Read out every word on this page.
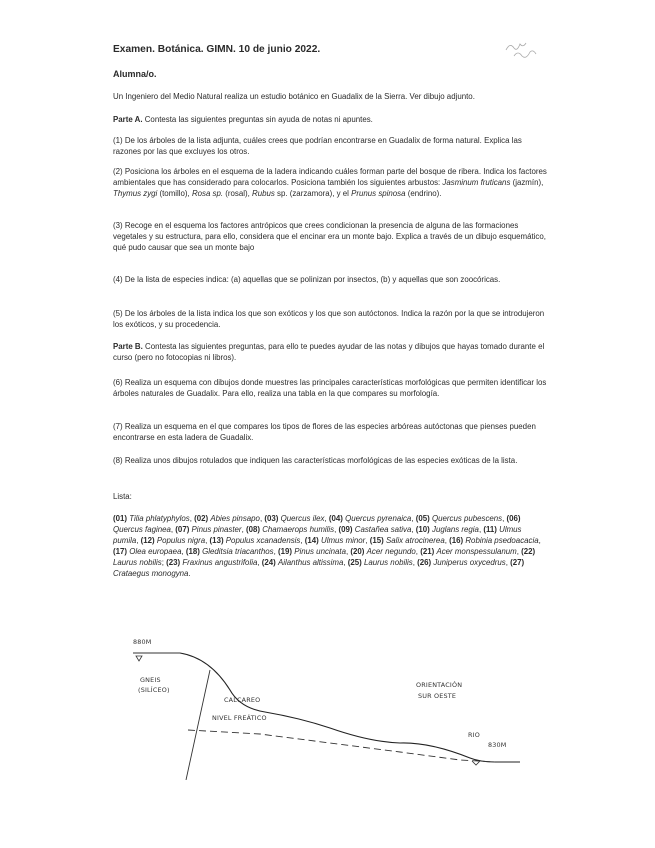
Examen. Botánica. GIMN. 10 de junio 2022.
Alumna/o.
Un Ingeniero del Medio Natural realiza un estudio botánico en Guadalix de la Sierra. Ver dibujo adjunto.
Parte A. Contesta las siguientes preguntas sin ayuda de notas ni apuntes.
(1) De los árboles de la lista adjunta, cuáles crees que podrían encontrarse en Guadalix de forma natural. Explica las razones por las que excluyes los otros.
(2) Posiciona los árboles en el esquema de la ladera indicando cuáles forman parte del bosque de ribera. Indica los factores ambientales que has considerado para colocarlos. Posiciona también los siguientes arbustos: Jasminum fruticans (jazmín), Thymus zygi (tomillo), Rosa sp. (rosal), Rubus sp. (zarzamora), y el Prunus spinosa (endrino).
(3) Recoge en el esquema los factores antrópicos que crees condicionan la presencia de alguna de las formaciones vegetales y su estructura, para ello, considera que el encinar era un monte bajo. Explica a través de un dibujo esquemático, qué pudo causar que sea un monte bajo
(4) De la lista de especies indica: (a) aquellas que se polinizan por insectos, (b) y aquellas que son zoocóricas.
(5) De los árboles de la lista indica los que son exóticos y los que son autóctonos. Indica la razón por la que se introdujeron los exóticos, y su procedencia.
Parte B. Contesta las siguientes preguntas, para ello te puedes ayudar de las notas y dibujos que hayas tomado durante el curso (pero no fotocopias ni libros).
(6) Realiza un esquema con dibujos donde muestres las principales características morfológicas que permiten identificar los árboles naturales de Guadalix. Para ello, realiza una tabla en la que compares su morfología.
(7) Realiza un esquema en el que compares los tipos de flores de las especies arbóreas autóctonas que pienses pueden encontrarse en esta ladera de Guadalix.
(8) Realiza unos dibujos rotulados que indiquen las características morfológicas de las especies exóticas de la lista.
Lista:
(01) Tilia phlatyphylos, (02) Abies pinsapo, (03) Quercus ilex, (04) Quercus pyrenaica, (05) Quercus pubescens, (06) Quercus faginea, (07) Pinus pinaster, (08) Chamaerops humilis, (09) Castañea sativa, (10) Juglans regia, (11) Ulmus pumila, (12) Populus nigra, (13) Populus xcanadensis, (14) Ulmus minor, (15) Salix atrocinerea, (16) Robinia psedoacacia, (17) Olea europaea, (18) Gleditsia triacanthos, (19) Pinus uncinata, (20) Acer negundo, (21) Acer monspessulanum, (22) Laurus nobilis; (23) Fraxinus angustrifolia, (24) Ailanthus altissima, (25) Laurus nobilis, (26) Juniperus oxycedrus, (27) Crataegus monogyna.
880M
GNEIS
(SILÍCEO)
CALCAREO
NIVEL FREÁTICO
ORIENTACIÓN
SUR OESTE
RIO
830M
